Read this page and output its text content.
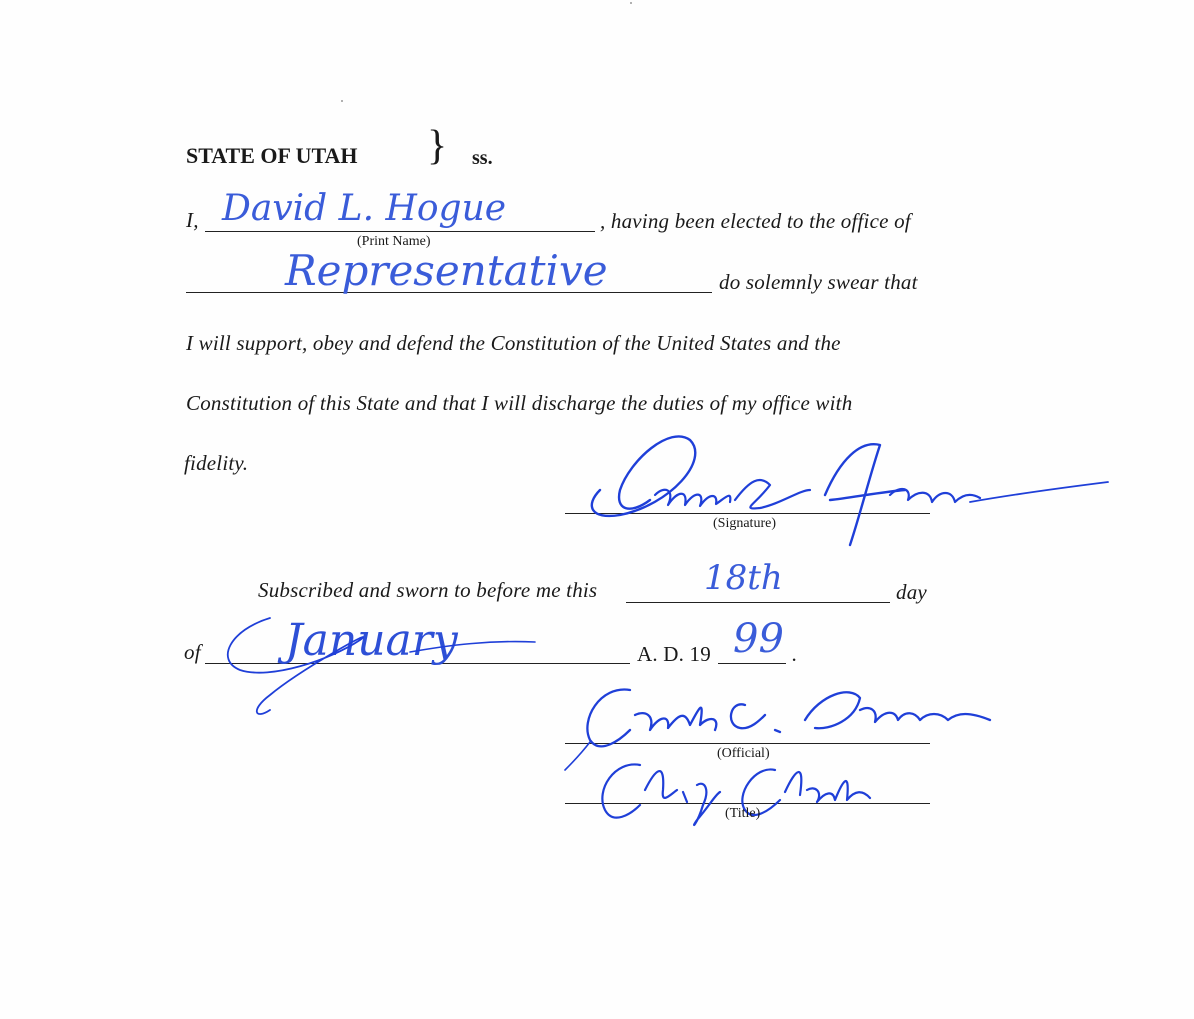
STATE OF UTAH } ss.
I, David L. Hogue
(Print Name)
, having been elected to the office of
Representative	do solemnly swear that
I will support, obey and defend the Constitution of the United States and the
Constitution of this State and that I will discharge the duties of my office with
fidelity.
(Signature)
Subscribed and sworn to before me this	18th	day
of January	A. D. 19 99 .
(Official)
(Title)
